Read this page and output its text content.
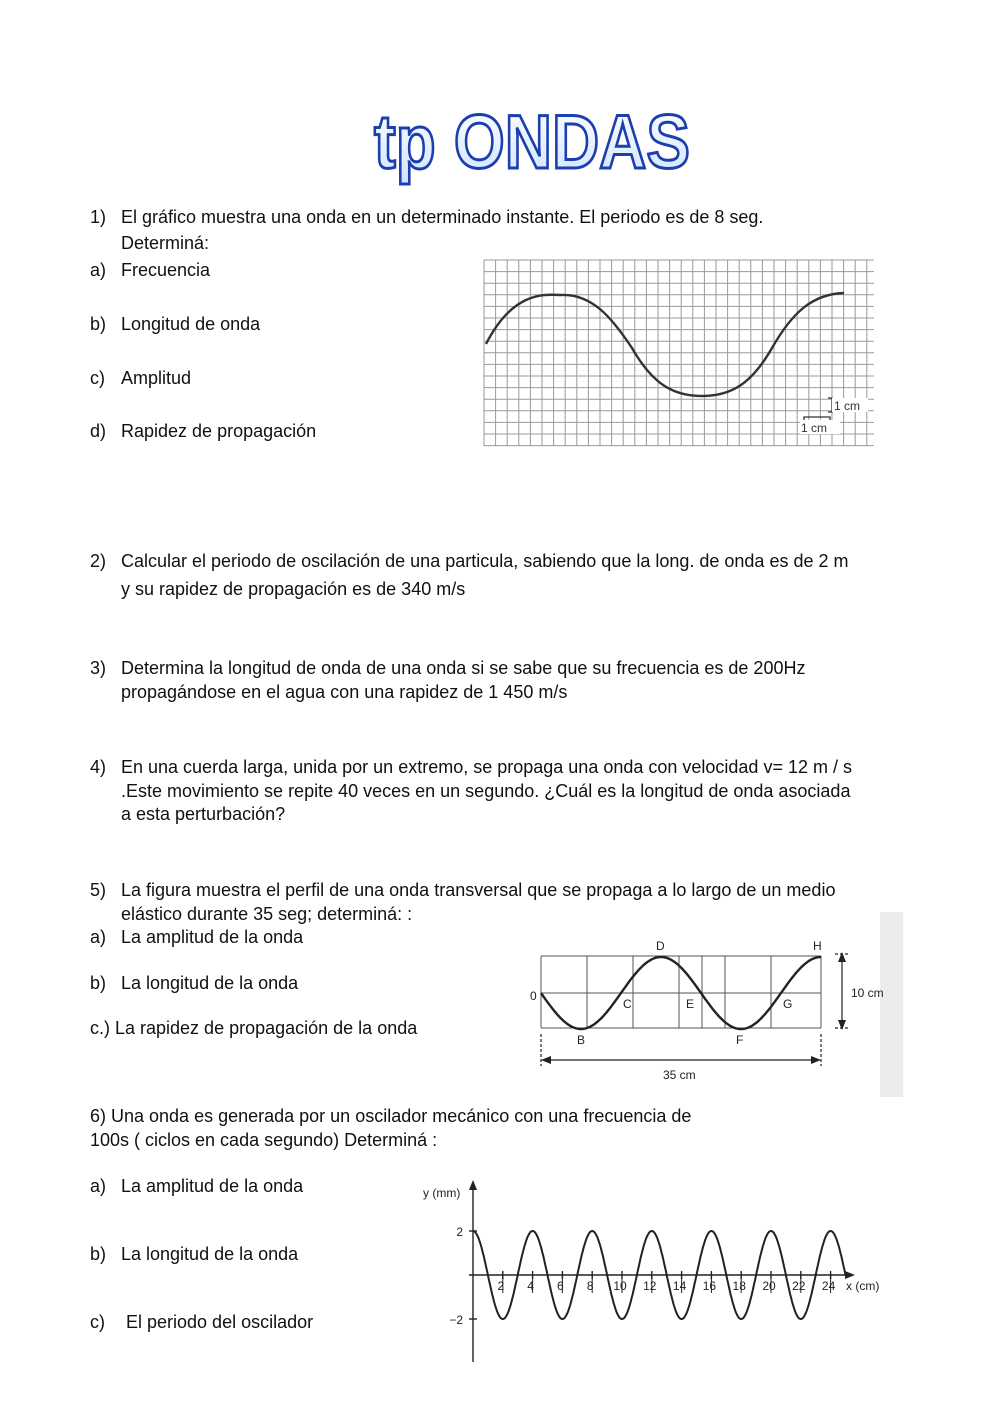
tp ONDAS
1) El gráfico muestra una onda en un determinado instante. El periodo es de 8 seg.
Determiná:
a) Frecuencia
b) Longitud de onda
c) Amplitud
d) Rapidez de propagación
1 cm
1 cm
2) Calcular el periodo de oscilación de una particula, sabiendo que la long. de onda es de 2 m
y su rapidez de propagación es de 340 m/s
3) Determina la longitud de onda de una onda si se sabe que su frecuencia es de 200Hz
propagándose en el agua con una rapidez de 1 450 m/s
4) En una cuerda larga, unida por un extremo, se propaga una onda con velocidad v= 12 m / s
.Este movimiento se repite 40 veces en un segundo. ¿Cuál es la longitud de onda asociada
a esta perturbación?
5) La figura muestra el perfil de una onda transversal que se propaga a lo largo de un medio
elástico durante 35 seg; determiná: :
a) La amplitud de la onda
b) La longitud de la onda
c.) La rapidez de propagación de la onda
0
B
C
D
E
F
G
H
10 cm
35 cm
6) Una onda es generada por un oscilador mecánico con una frecuencia de
100s ( ciclos en cada segundo) Determiná :
a) La amplitud de la onda
b) La longitud de la onda
c) El periodo del oscilador
2
−2
2 4 6 8 10 12 14 16 18 20 22 24
y (mm)
x (cm)
